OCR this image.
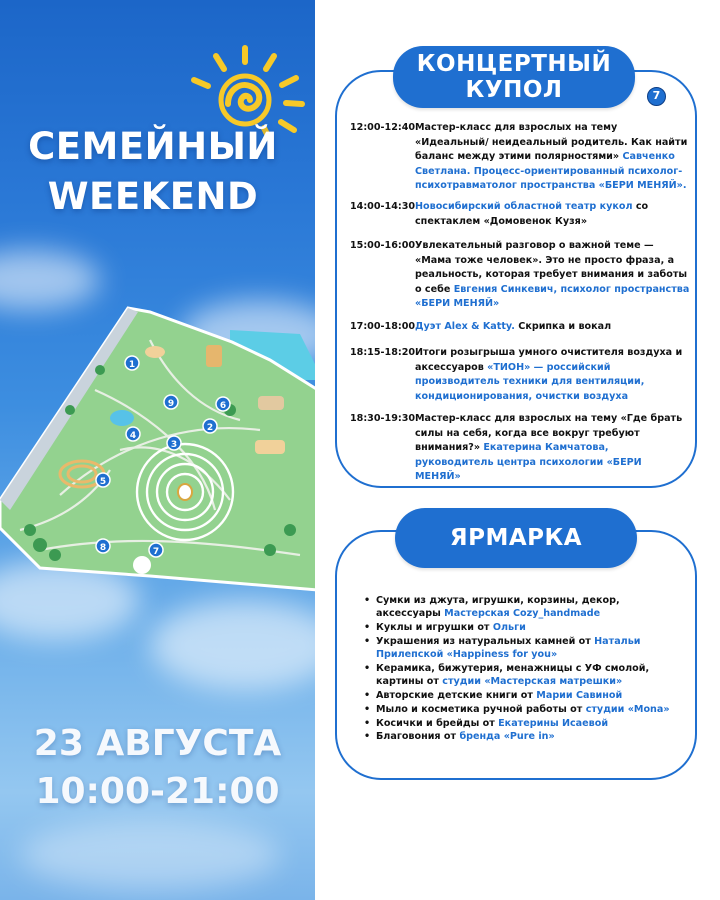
СЕМЕЙНЫЙ
WEEKEND
1
2
3
4
5
6
7
8
9
23 АВГУСТА
10:00-21:00
КОНЦЕРТНЫЙ
КУПОЛ	7
12:00-12:40 Мастер-класс для взрослых на тему «Идеальный/ неидеальный родитель. Как найти баланс между этими полярностями» Савченко Светлана. Процесс-ориентированный психолог-психотравматолог пространства «БЕРИ МЕНЯЙ».
14:00-14:30 Новосибирский областной театр кукол со спектаклем «Домовенок Кузя»
15:00-16:00 Увлекательный разговор о важной теме — «Мама тоже человек». Это не просто фраза, а реальность, которая требует внимания и заботы о себе Евгения Синкевич, психолог пространства «БЕРИ МЕНЯЙ»
17:00-18:00 Дуэт Alex & Katty. Скрипка и вокал
18:15-18:20 Итоги розыгрыша умного очистителя воздуха и аксессуаров «ТИОН» — российский производитель техники для вентиляции, кондиционирования, очистки воздуха
18:30-19:30 Мастер-класс для взрослых на тему «Где брать силы на себя, когда все вокруг требуют внимания?» Екатерина Камчатова, руководитель центра психологии «БЕРИ МЕНЯЙ»
ЯРМАРКА
• Сумки из джута, игрушки, корзины, декор, аксессуары Мастерская Cozy_handmade
• Куклы и игрушки от Ольги
• Украшения из натуральных камней от Натальи Прилепской «Happiness for you»
• Керамика, бижутерия, менажницы с УФ смолой, картины от студии «Мастерская матрешки»
• Авторские детские книги от Марии Савиной
• Мыло и косметика ручной работы от студии «Mona»
• Косички и брейды от Екатерины Исаевой
• Благовония от бренда «Pure in»
